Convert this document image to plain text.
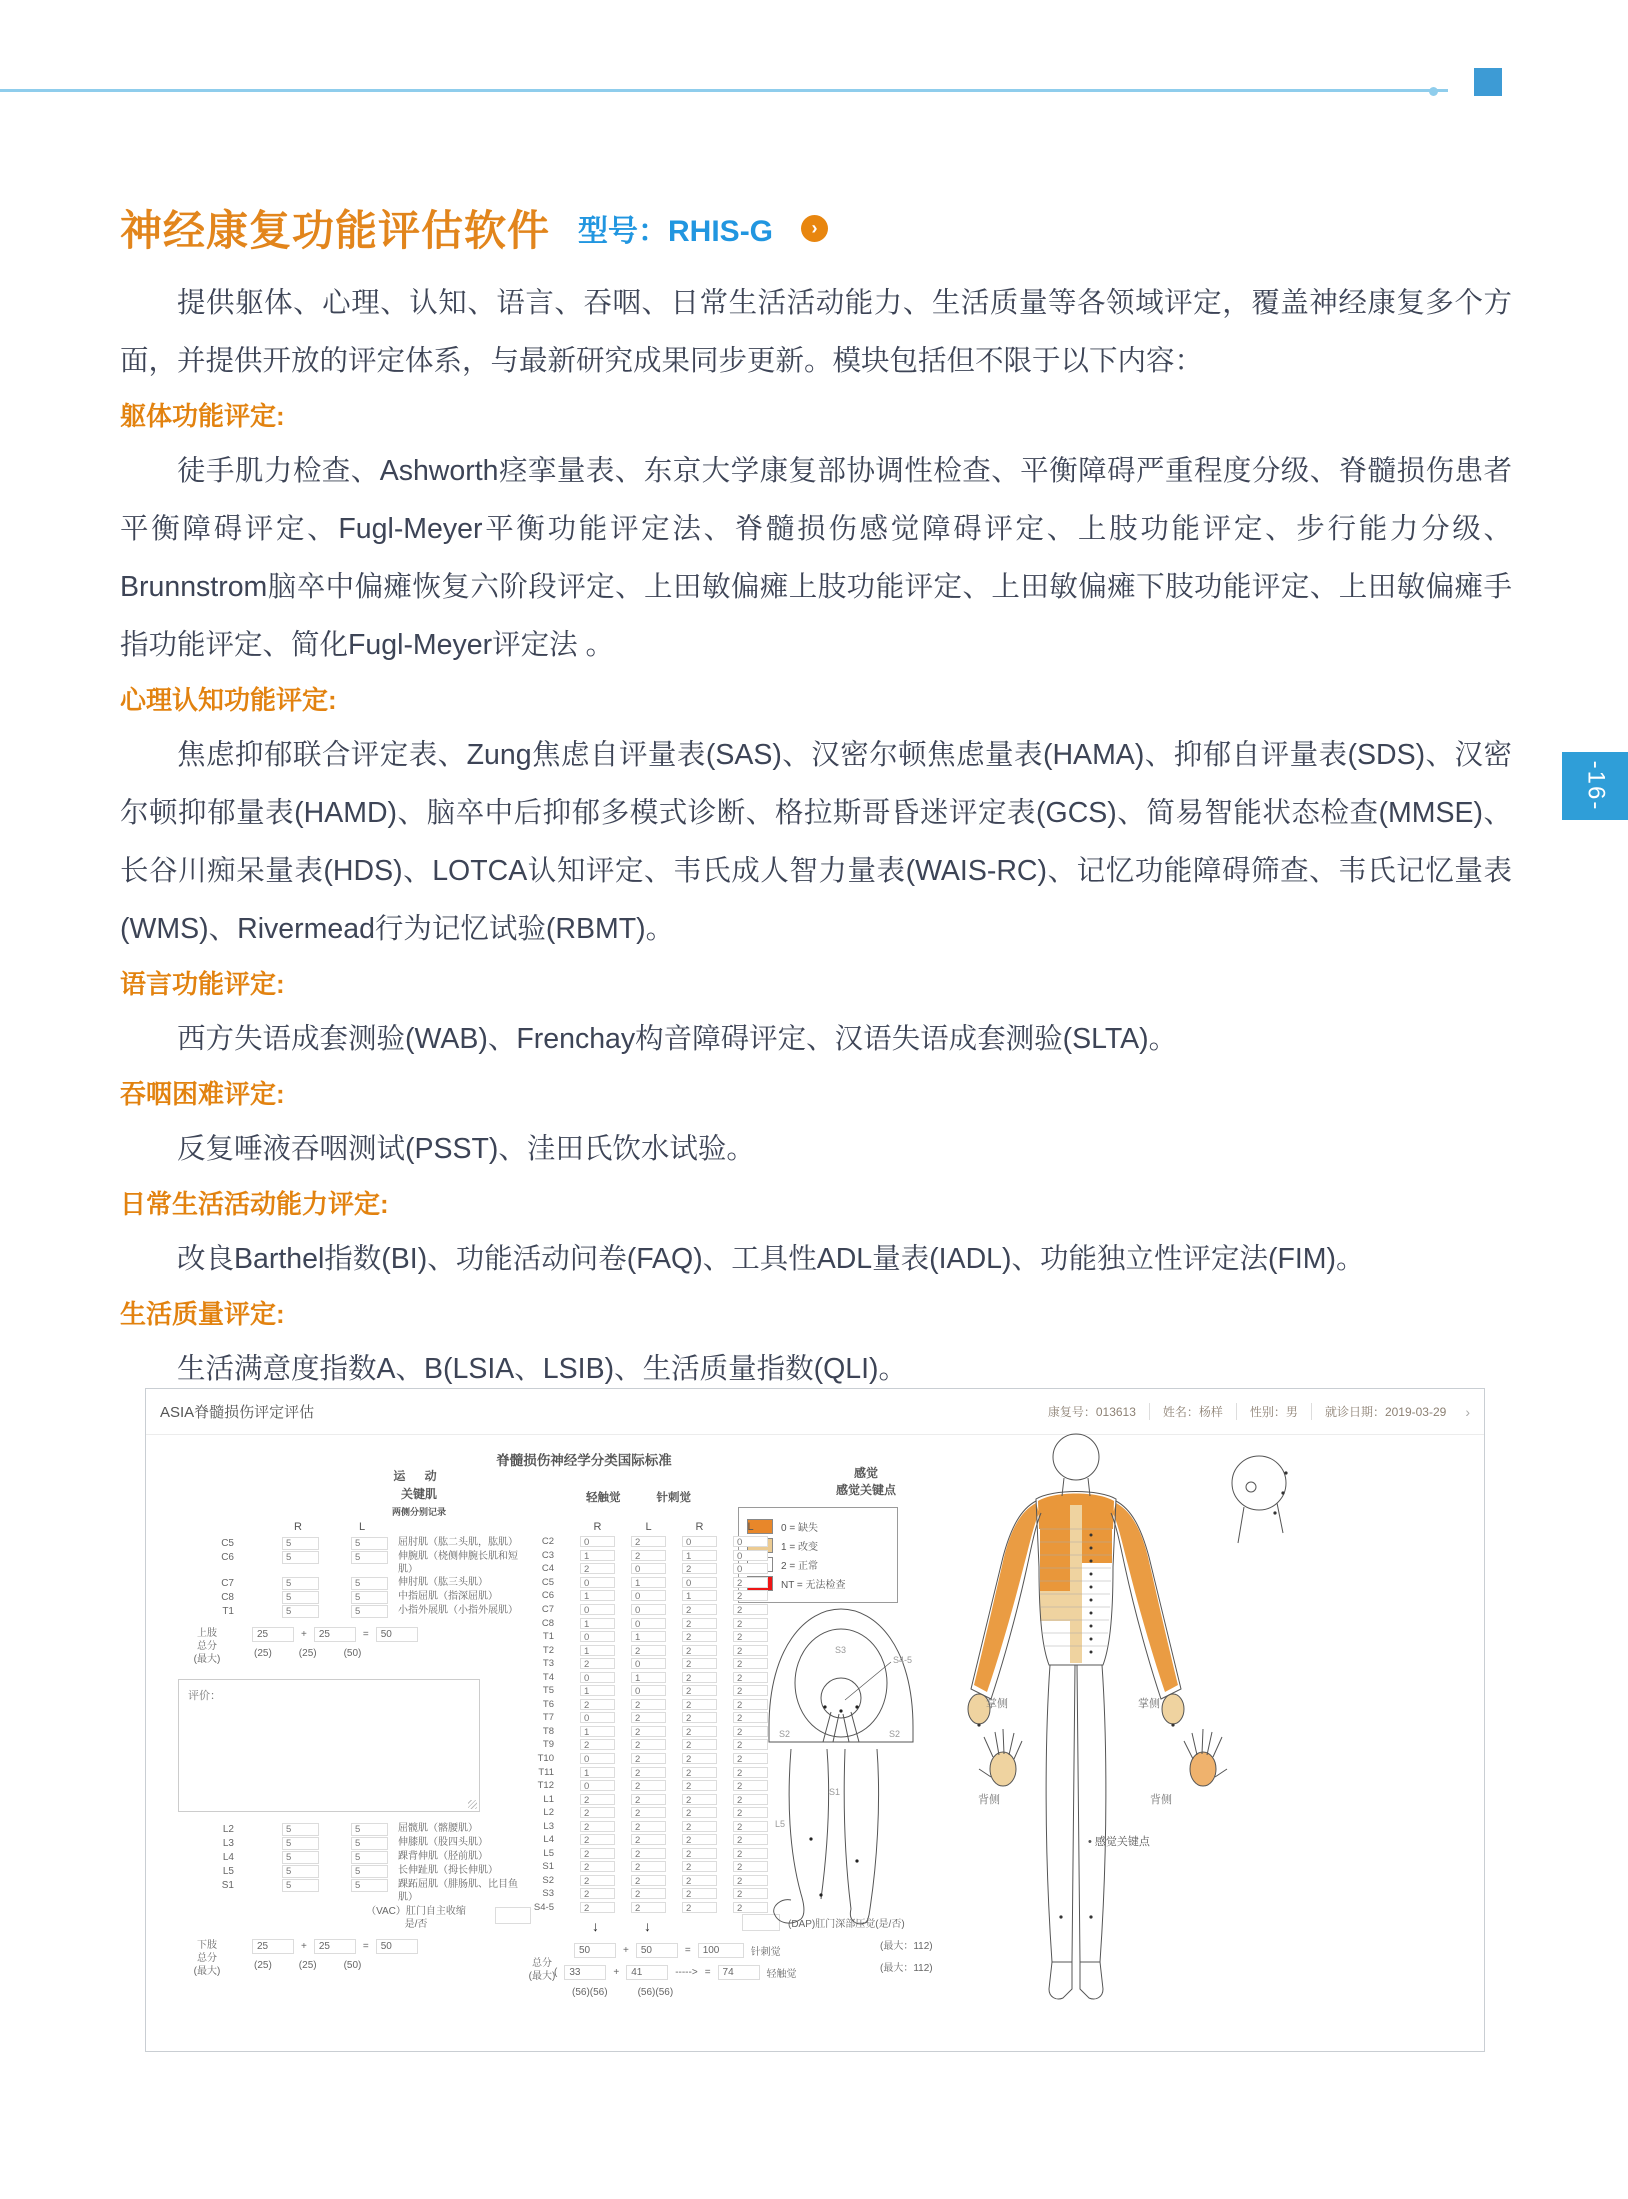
-16-
神经康复功能评估软件 型号：RHIS-G	›

提供躯体、心理、认知、语言、吞咽、日常生活活动能力、生活质量等各领域评定，覆盖神经康复多个方面，并提供开放的评定体系，与最新研究成果同步更新。模块包括但不限于以下内容：

躯体功能评定:

徒手肌力检查、Ashworth痉挛量表、东京大学康复部协调性检查、平衡障碍严重程度分级、脊髓损伤患者平衡障碍评定、Fugl-Meyer平衡功能评定法、脊髓损伤感觉障碍评定、上肢功能评定、步行能力分级、Brunnstrom脑卒中偏瘫恢复六阶段评定、上田敏偏瘫上肢功能评定、上田敏偏瘫下肢功能评定、上田敏偏瘫手指功能评定、简化Fugl-Meyer评定法 。

心理认知功能评定:

焦虑抑郁联合评定表、Zung焦虑自评量表(SAS)、汉密尔顿焦虑量表(HAMA)、抑郁自评量表(SDS)、汉密尔顿抑郁量表(HAMD)、脑卒中后抑郁多模式诊断、格拉斯哥昏迷评定表(GCS)、简易智能状态检查(MMSE)、长谷川痴呆量表(HDS)、LOTCA认知评定、韦氏成人智力量表(WAIS-RC)、记忆功能障碍筛查、韦氏记忆量表(WMS)、Rivermead行为记忆试验(RBMT)。

语言功能评定:

西方失语成套测验(WAB)、Frenchay构音障碍评定、汉语失语成套测验(SLTA)。

吞咽困难评定:

反复唾液吞咽测试(PSST)、洼田氏饮水试验。

日常生活活动能力评定:

改良Barthel指数(BI)、功能活动问卷(FAQ)、工具性ADL量表(IADL)、功能独立性评定法(FIM)。

生活质量评定:

生活满意度指数A、B(LSIA、LSIB)、生活质量指数(QLI)。

ASIA脊髓损伤评定评估	康复号：013613	姓名：杨样	性别：男	就诊日期：2019-03-29	›
脊髓损伤神经学分类国际标准
运 动
关键肌
两侧分别记录
轻触觉	针刺觉
感觉
感觉关键点
0 = 缺失
1 = 改变
2 = 正常
NT = 无法检查
R	L
C5	5	5	屈肘肌（肱二头肌，肱肌）
C6	5	5	伸腕肌（桡侧伸腕长肌和短肌）
C7	5	5	伸肘肌（肱三头肌）
C8	5	5	中指屈肌（指深屈肌）
T1	5	5	小指外展肌（小指外展肌）
上肢
总分
(最大)
25	+	25	=	50
(25)	(25)	(50)
评价：
L2	5	5	屈髋肌（髂腰肌）
L3	5	5	伸膝肌（股四头肌）
L4	5	5	踝背伸肌（胫前肌）
L5	5	5	长伸趾肌（拇长伸肌）
S1	5	5	踝跖屈肌（腓肠肌、比目鱼肌）
（VAC）肛门自主收缩
是/否
下肢
总分
(最大)
25	+	25	=	50
(25)	(25)	(50)
R	L	R	L
C2	0	2	0	0
C3	1	2	1	0
C4	2	0	2	0
C5	0	1	0	2
C6	1	0	1	2
C7	0	0	2	2
C8	1	0	2	2
T1	0	1	2	2
T2	1	2	2	2
T3	2	0	2	2
T4	0	1	2	2
T5	1	0	2	2
T6	2	2	2	2
T7	0	2	2	2
T8	1	2	2	2
T9	2	2	2	2
T10	0	2	2	2
T11	1	2	2	2
T12	0	2	2	2
L1	2	2	2	2
L2	2	2	2	2
L3	2	2	2	2
L4	2	2	2	2
L5	2	2	2	2
S1	2	2	2	2
S2	2	2	2	2
S3	2	2	2	2
S4-5	2	2	2	2
↓	↓
50	+	50	=	100	针刺觉
总分
(最大)
(	33	+	41	-----> =	74	轻触觉
(56)(56)	(56)(56)
(DAP)肛门深部压觉(是/否)
(最大：112)
(最大：112)
S3
S4-5
S2	S2
L5
S1
掌侧	掌侧
背侧	背侧
• 感觉关键点
